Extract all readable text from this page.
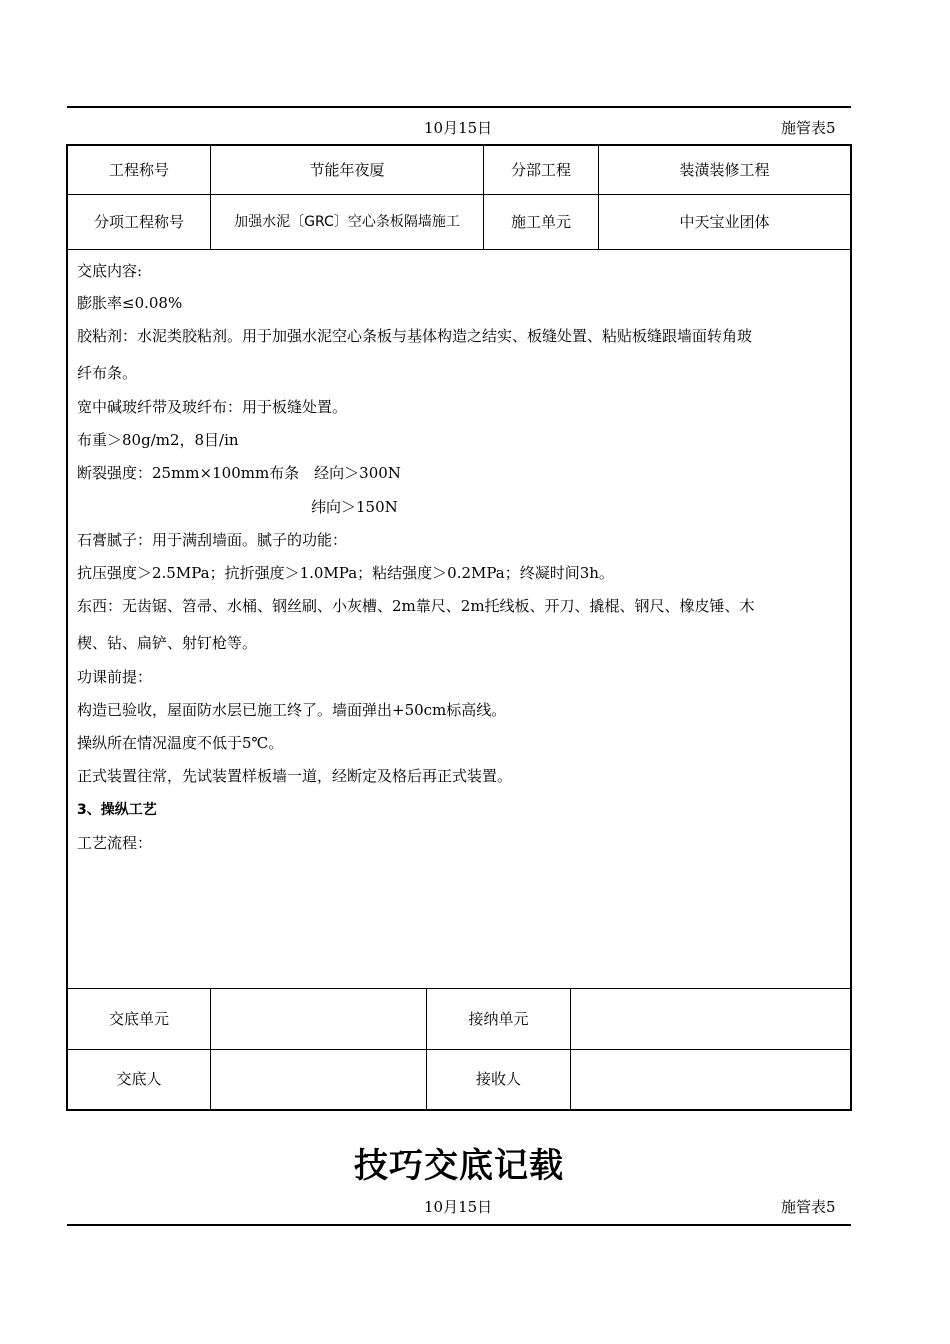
10月15日	施管表5
工程称号	节能年夜厦	分部工程	装潢装修工程
分项工程称号	加强水泥〔GRC〕空心条板隔墙施工	施工单元	中天宝业团体

交底内容:

膨胀率≤0.08%

胶粘剂：水泥类胶粘剂。用于加强水泥空心条板与基体构造之结实、板缝处置、粘贴板缝跟墙面转角玻

纤布条。

宽中碱玻纤带及玻纤布：用于板缝处置。

布重＞80g/m2，8目/in

断裂强度：25mm×100mm布条　经向＞300N

纬向＞150N

石膏腻子：用于满刮墙面。腻子的功能：

抗压强度＞2.5MPa；抗折强度＞1.0MPa；粘结强度＞0.2MPa；终凝时间3h。

东西：无齿锯、笤帚、水桶、钢丝刷、小灰槽、2m靠尺、2m托线板、开刀、撬棍、钢尺、橡皮锤、木

楔、钻、扁铲、射钉枪等。

功课前提：

构造已验收，屋面防水层已施工终了。墙面弹出+50cm标高线。

操纵所在情况温度不低于5℃。

正式装置往常，先试装置样板墙一道，经断定及格后再正式装置。

3、操纵工艺

工艺流程：

交底单元	接纳单元
交底人	接收人
技巧交底记载
10月15日	施管表5
